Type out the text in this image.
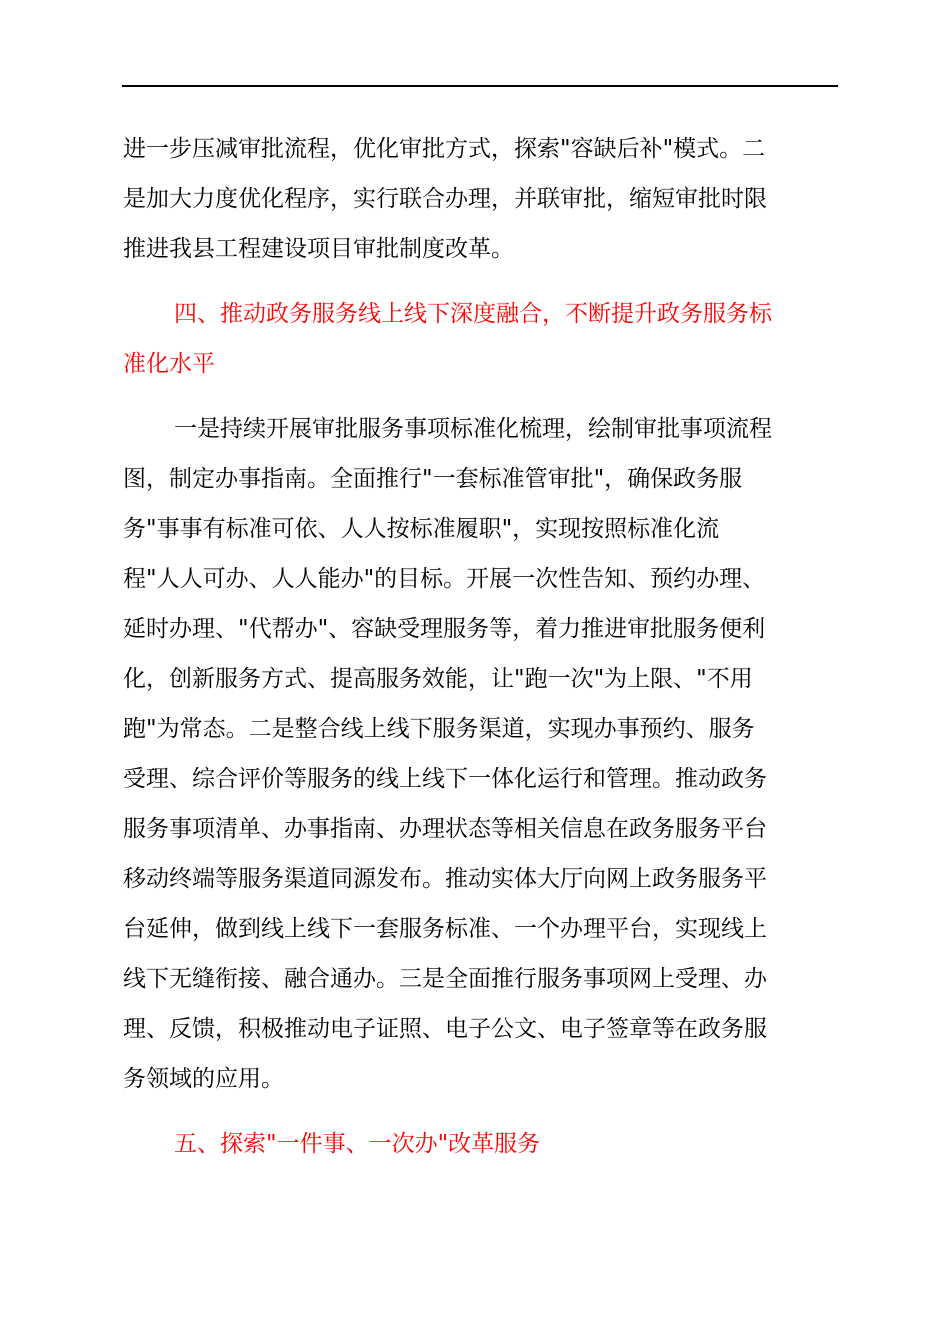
进一步压减审批流程，优化审批方式，探索"容缺后补"模式。二
是加大力度优化程序，实行联合办理，并联审批，缩短审批时限
推进我县工程建设项目审批制度改革。
四、推动政务服务线上线下深度融合，不断提升政务服务标
准化水平
一是持续开展审批服务事项标准化梳理，绘制审批事项流程
图，制定办事指南。全面推行"一套标准管审批"，确保政务服
务"事事有标准可依、人人按标准履职"，实现按照标准化流
程"人人可办、人人能办"的目标。开展一次性告知、预约办理、
延时办理、"代帮办"、容缺受理服务等，着力推进审批服务便利
化，创新服务方式、提高服务效能，让"跑一次"为上限、"不用
跑"为常态。二是整合线上线下服务渠道，实现办事预约、服务
受理、综合评价等服务的线上线下一体化运行和管理。推动政务
服务事项清单、办事指南、办理状态等相关信息在政务服务平台
移动终端等服务渠道同源发布。推动实体大厅向网上政务服务平
台延伸，做到线上线下一套服务标准、一个办理平台，实现线上
线下无缝衔接、融合通办。三是全面推行服务事项网上受理、办
理、反馈，积极推动电子证照、电子公文、电子签章等在政务服
务领域的应用。
五、探索"一件事、一次办"改革服务
